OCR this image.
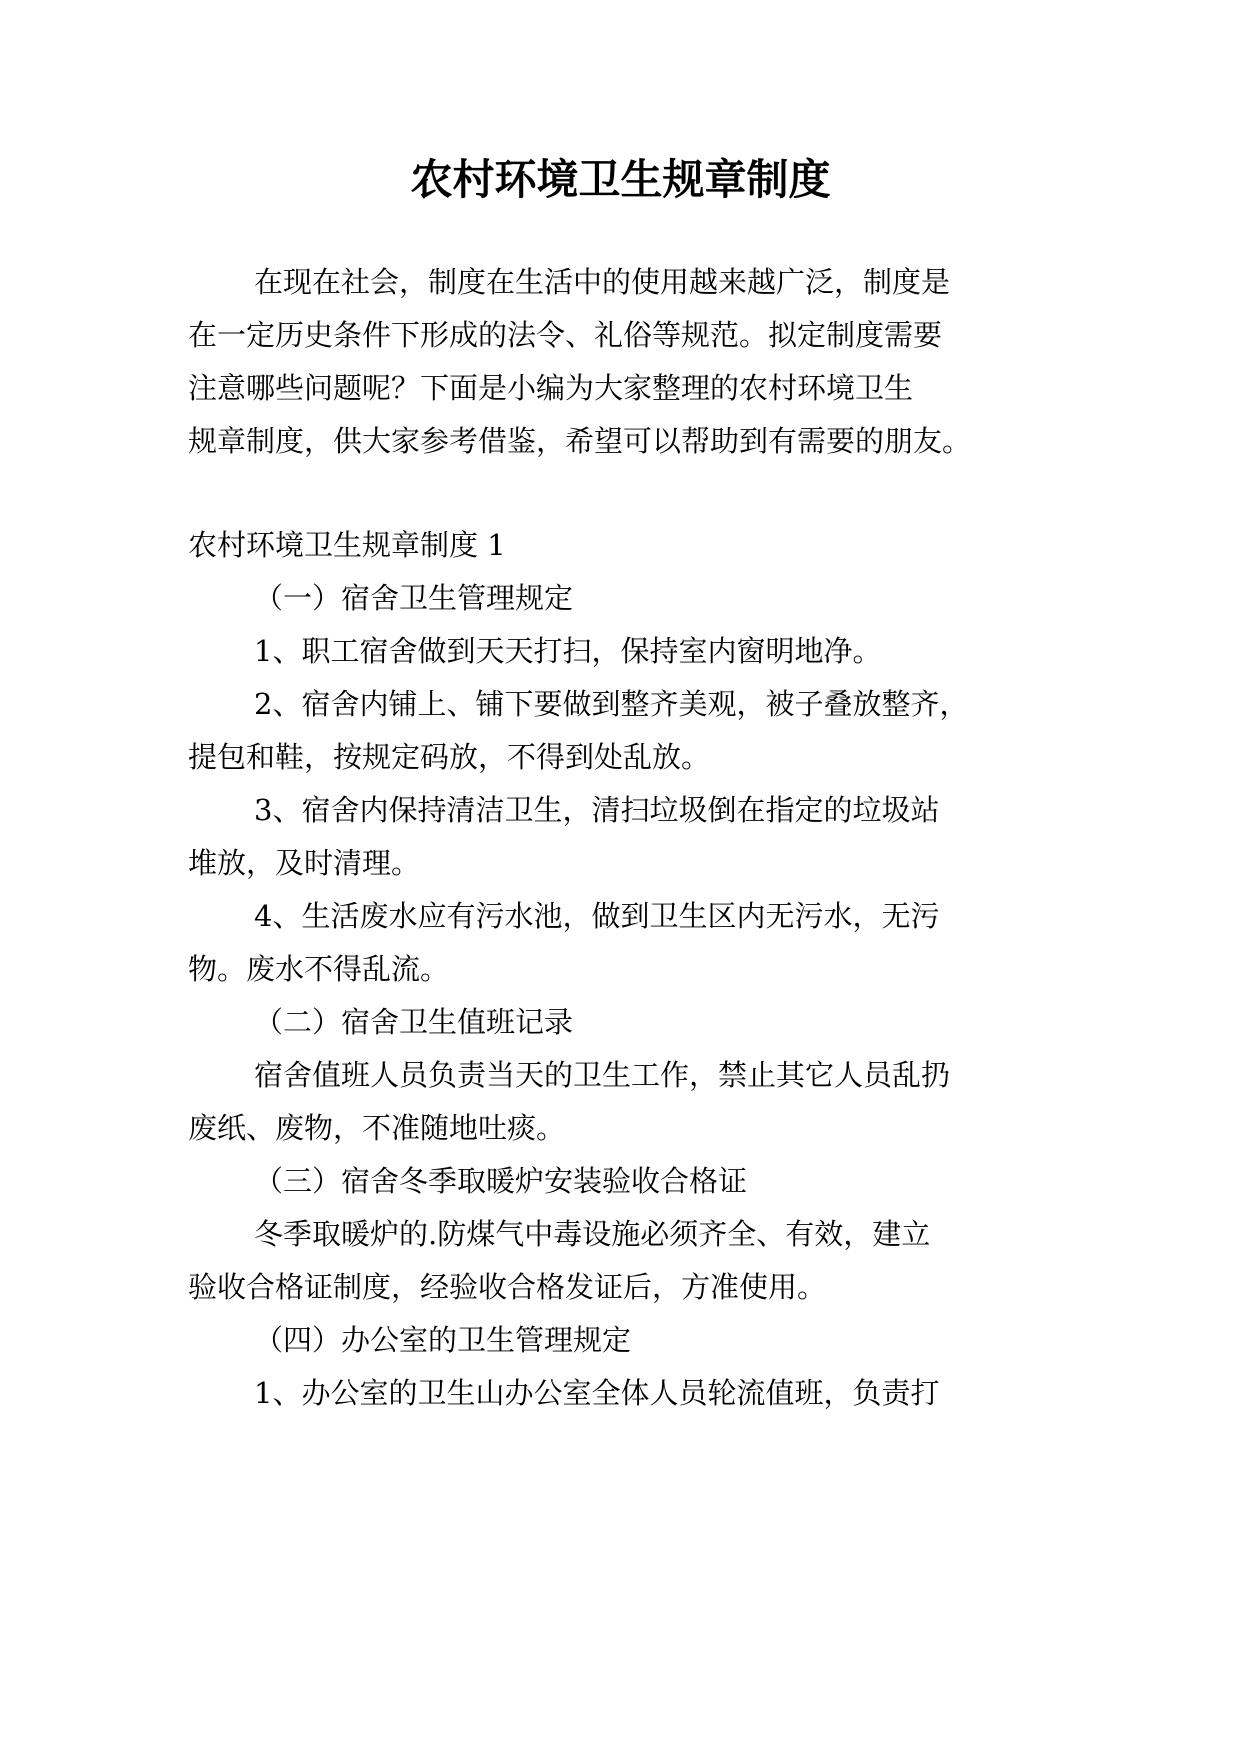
农村环境卫生规章制度

在现在社会，制度在生活中的使用越来越广泛，制度是

在一定历史条件下形成的法令、礼俗等规范。拟定制度需要

注意哪些问题呢？下面是小编为大家整理的农村环境卫生

规章制度，供大家参考借鉴，希望可以帮助到有需要的朋友。

农村环境卫生规章制度 1

（一）宿舍卫生管理规定

1、职工宿舍做到天天打扫，保持室内窗明地净。

2、宿舍内铺上、铺下要做到整齐美观，被子叠放整齐，

提包和鞋，按规定码放，不得到处乱放。

3、宿舍内保持清洁卫生，清扫垃圾倒在指定的垃圾站

堆放，及时清理。

4、生活废水应有污水池，做到卫生区内无污水，无污

物。废水不得乱流。

（二）宿舍卫生值班记录

宿舍值班人员负责当天的卫生工作，禁止其它人员乱扔

废纸、废物，不准随地吐痰。

（三）宿舍冬季取暖炉安装验收合格证

冬季取暖炉的.防煤气中毒设施必须齐全、有效，建立

验收合格证制度，经验收合格发证后，方准使用。

（四）办公室的卫生管理规定

1、办公室的卫生山办公室全体人员轮流值班，负责打
